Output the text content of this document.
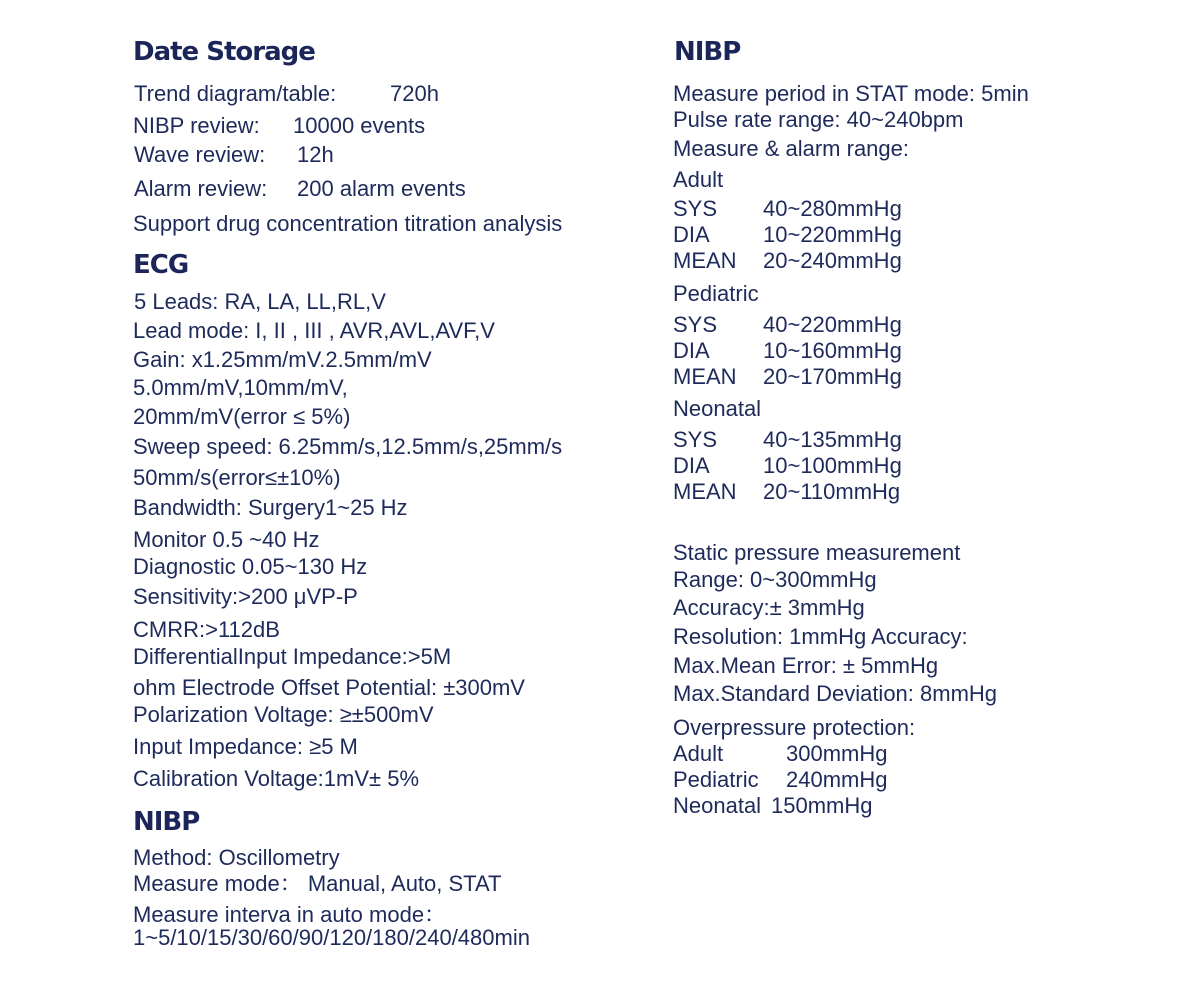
Date Storage
Trend diagram/table: 720h
NIBP review: 10000 events
Wave review: 12h
Alarm review: 200 alarm events
Support drug concentration titration analysis
ECG
5 Leads: RA, LA, LL,RL,V
Lead mode: I, II , III , AVR,AVL,AVF,V
Gain: x1.25mm/mV.2.5mm/mV
5.0mm/mV,10mm/mV,
20mm/mV(error ≤ 5%)
Sweep speed: 6.25mm/s,12.5mm/s,25mm/s
50mm/s(error≤±10%)
Bandwidth: Surgery1~25 Hz
Monitor 0.5 ~40 Hz
Diagnostic 0.05~130 Hz
Sensitivity:>200 μVP-P
CMRR:>112dB
DifferentialInput Impedance:>5M
ohm Electrode Offset Potential: ±300mV
Polarization Voltage: ≥±500mV
Input Impedance: ≥5 M
Calibration Voltage:1mV± 5%
NIBP
Method: Oscillometry
Measure mode： Manual, Auto, STAT
Measure interva in auto mode：
1~5/10/15/30/60/90/120/180/240/480min
NIBP
Measure period in STAT mode: 5min
Pulse rate range: 40~240bpm
Measure & alarm range:
Adult
SYS 40~280mmHg
DIA 10~220mmHg
MEAN 20~240mmHg
Pediatric
SYS 40~220mmHg
DIA 10~160mmHg
MEAN 20~170mmHg
Neonatal
SYS 40~135mmHg
DIA 10~100mmHg
MEAN 20~110mmHg
Static pressure measurement
Range: 0~300mmHg
Accuracy:± 3mmHg
Resolution: 1mmHg Accuracy:
Max.Mean Error: ± 5mmHg
Max.Standard Deviation: 8mmHg
Overpressure protection:
Adult	300mmHg
Pediatric 240mmHg
Neonatal 150mmHg
